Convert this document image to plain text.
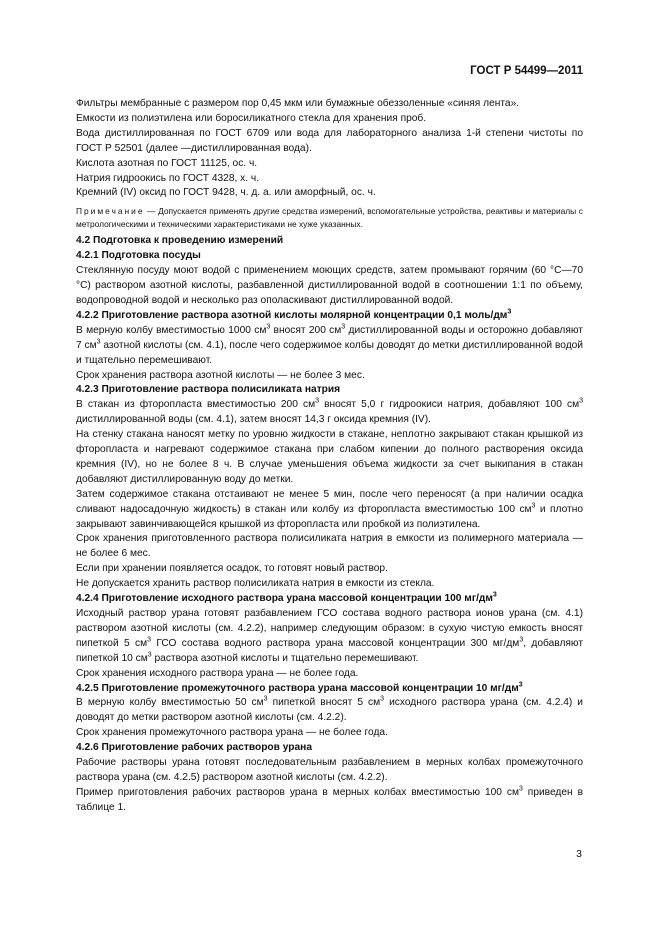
ГОСТ Р 54499—2011

Фильтры мембранные с размером пор 0,45 мкм или бумажные обеззоленные «синяя лента».

Емкости из полиэтилена или боросиликатного стекла для хранения проб.

Вода дистиллированная по ГОСТ 6709 или вода для лабораторного анализа 1-й степени чистоты по ГОСТ Р 52501 (далее —дистиллированная вода).

Кислота азотная по ГОСТ 11125, ос. ч.

Натрия гидроокись по ГОСТ 4328, х. ч.

Кремний (IV) оксид по ГОСТ 9428, ч. д. а. или аморфный, ос. ч.

Примечание — Допускается применять другие средства измерений, вспомогательные устройства, реактивы и материалы с метрологическими и техническими характеристиками не хуже указанных.

4.2 Подготовка к проведению измерений

4.2.1 Подготовка посуды

Стеклянную посуду моют водой с применением моющих средств, затем промывают горячим (60 °С—70 °С) раствором азотной кислоты, разбавленной дистиллированной водой в соотношении 1:1 по объему, водопроводной водой и несколько раз ополаскивают дистиллированной водой.

4.2.2 Приготовление раствора азотной кислоты молярной концентрации 0,1 моль/$дм^3$

В мерную колбу вместимостью 1000 $см^3$ вносят 200 $см^3$ дистиллированной воды и осторожно добавляют 7 $см^3$ азотной кислоты (см. 4.1), после чего содержимое колбы доводят до метки дистиллированной водой и тщательно перемешивают.

Срок хранения раствора азотной кислоты — не более 3 мес.

4.2.3 Приготовление раствора полисиликата натрия

В стакан из фторопласта вместимостью 200 $см^3$ вносят 5,0 г гидроокиси натрия, добавляют 100 $см^3$ дистиллированной воды (см. 4.1), затем вносят 14,3 г оксида кремния (IV).

На стенку стакана наносят метку по уровню жидкости в стакане, неплотно закрывают стакан крышкой из фторопласта и нагревают содержимое стакана при слабом кипении до полного растворения оксида кремния (IV), но не более 8 ч. В случае уменьшения объема жидкости за счет выкипания в стакан добавляют дистиллированную воду до метки.

Затем содержимое стакана отстаивают не менее 5 мин, после чего переносят (а при наличии осадка сливают надосадочную жидкость) в стакан или колбу из фторопласта вместимостью 100 $см^3$ и плотно закрывают завинчивающейся крышкой из фторопласта или пробкой из полиэтилена.

Срок хранения приготовленного раствора полисиликата натрия в емкости из полимерного материала — не более 6 мес.

Если при хранении появляется осадок, то готовят новый раствор.

Не допускается хранить раствор полисиликата натрия в емкости из стекла.

4.2.4 Приготовление исходного раствора урана массовой концентрации 100 $мг/дм^3$

Исходный раствор урана готовят разбавлением ГСО состава водного раствора ионов урана (см. 4.1) раствором азотной кислоты (см. 4.2.2), например следующим образом: в сухую чистую емкость вносят пипеткой 5 $см^3$ ГСО состава водного раствора урана массовой концентрации 300 $мг/дм^3$, добавляют пипеткой 10 $см^3$ раствора азотной кислоты и тщательно перемешивают.

Срок хранения исходного раствора урана — не более года.

4.2.5 Приготовление промежуточного раствора урана массовой концентрации 10 $мг/дм^3$

В мерную колбу вместимостью 50 $см^3$ пипеткой вносят 5 $см^3$ исходного раствора урана (см. 4.2.4) и доводят до метки раствором азотной кислоты (см. 4.2.2).

Срок хранения промежуточного раствора урана — не более года.

4.2.6 Приготовление рабочих растворов урана

Рабочие растворы урана готовят последовательным разбавлением в мерных колбах промежуточного раствора урана (см. 4.2.5) раствором азотной кислоты (см. 4.2.2).

Пример приготовления рабочих растворов урана в мерных колбах вместимостью 100 $см^3$ приведен в таблице 1.

3
